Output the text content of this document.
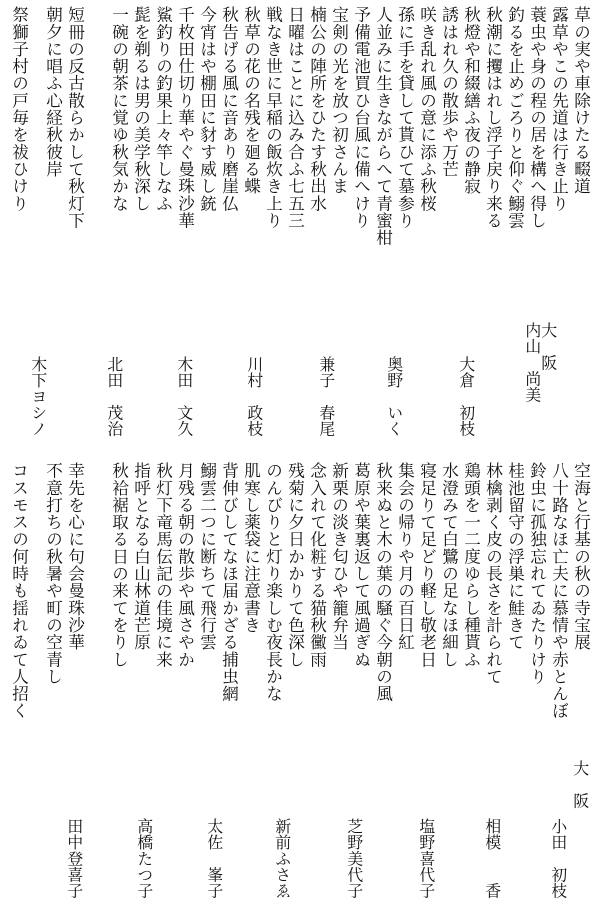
草の実や車除けたる畷道

露草やこの先道は行き止り

蓑虫や身の程の居を構へ得し

釣るを止めごろりと仰ぐ鰯雲

秋潮に攫はれし浮子戻り来る

秋燈や和綴繕ふ夜の静寂

誘はれ久の散歩や万芒

咲き乱れ風の意に添ふ秋桜

孫に手を貸して貰ひて墓参り

人並みに生きながらへて青蜜柑

予備電池買ひ台風に備へけり

宝剣の光を放つ初さんま

楠公の陣所をひたす秋出水

日曜はことに込み合ふ七五三

戦なき世に早稲の飯炊き上り

秋草の花の名残を廻る蝶

秋告げる風に音あり磨崖仏

今宵はや棚田に豺す威し銃

千枚田仕切り華やぐ曼珠沙華

鯊釣りの釣果上々竿しなふ

髭を剃るは男の美学秋深し

一碗の朝茶に覚ゆ秋気かな

短冊の反古散らかして秋灯下

朝夕に唱ふ心経秋彼岸

祭獅子村の戸毎を祓ひけり

大　阪

内山　尚美

大倉　初枝

奥野　いく

兼子　春尾

川村　政枝

木田　文久

北田　茂治

木下ヨシノ

空海と行基の秋の寺宝展

八十路なほ亡夫に慕情や赤とんぼ

鈴虫に孤独忘れてゐたりけり

桂池留守の浮巣に鮭きて

林檎剥く皮の長さを計られて

鶏頭を一二度ゆらし種貰ふ

水澄みて白鷺の足なほ細し

寝足りて足どり軽し敬老日

集会の帰りや月の百日紅

秋来ぬと木の葉の騒ぐ今朝の風

葛原や葉裏返して風過ぎぬ

新栗の淡き匂ひや籠弁当

念入れて化粧する猫秋黴雨

残菊に夕日かかりて色深し

のんびりと灯り楽しむ夜長かな

肌寒し薬袋に注意書き

背伸びしてなほ届かざる捕虫網

鰯雲二つに断ちて飛行雲

月残る朝の散歩や風さやか

秋灯下竜馬伝記の佳境に来

指呼となる白山林道芒原

秋袷裾取る日の来てをりし

幸先を心に句会曼珠沙華

不意打ちの秋暑や町の空青し

コスモスの何時も揺れゐて人招く

大　阪

小田　初枝

相模　　香

塩野喜代子

芝野美代子

新前ふさゑ

太佐　峯子

高橋たつ子

田中登喜子
